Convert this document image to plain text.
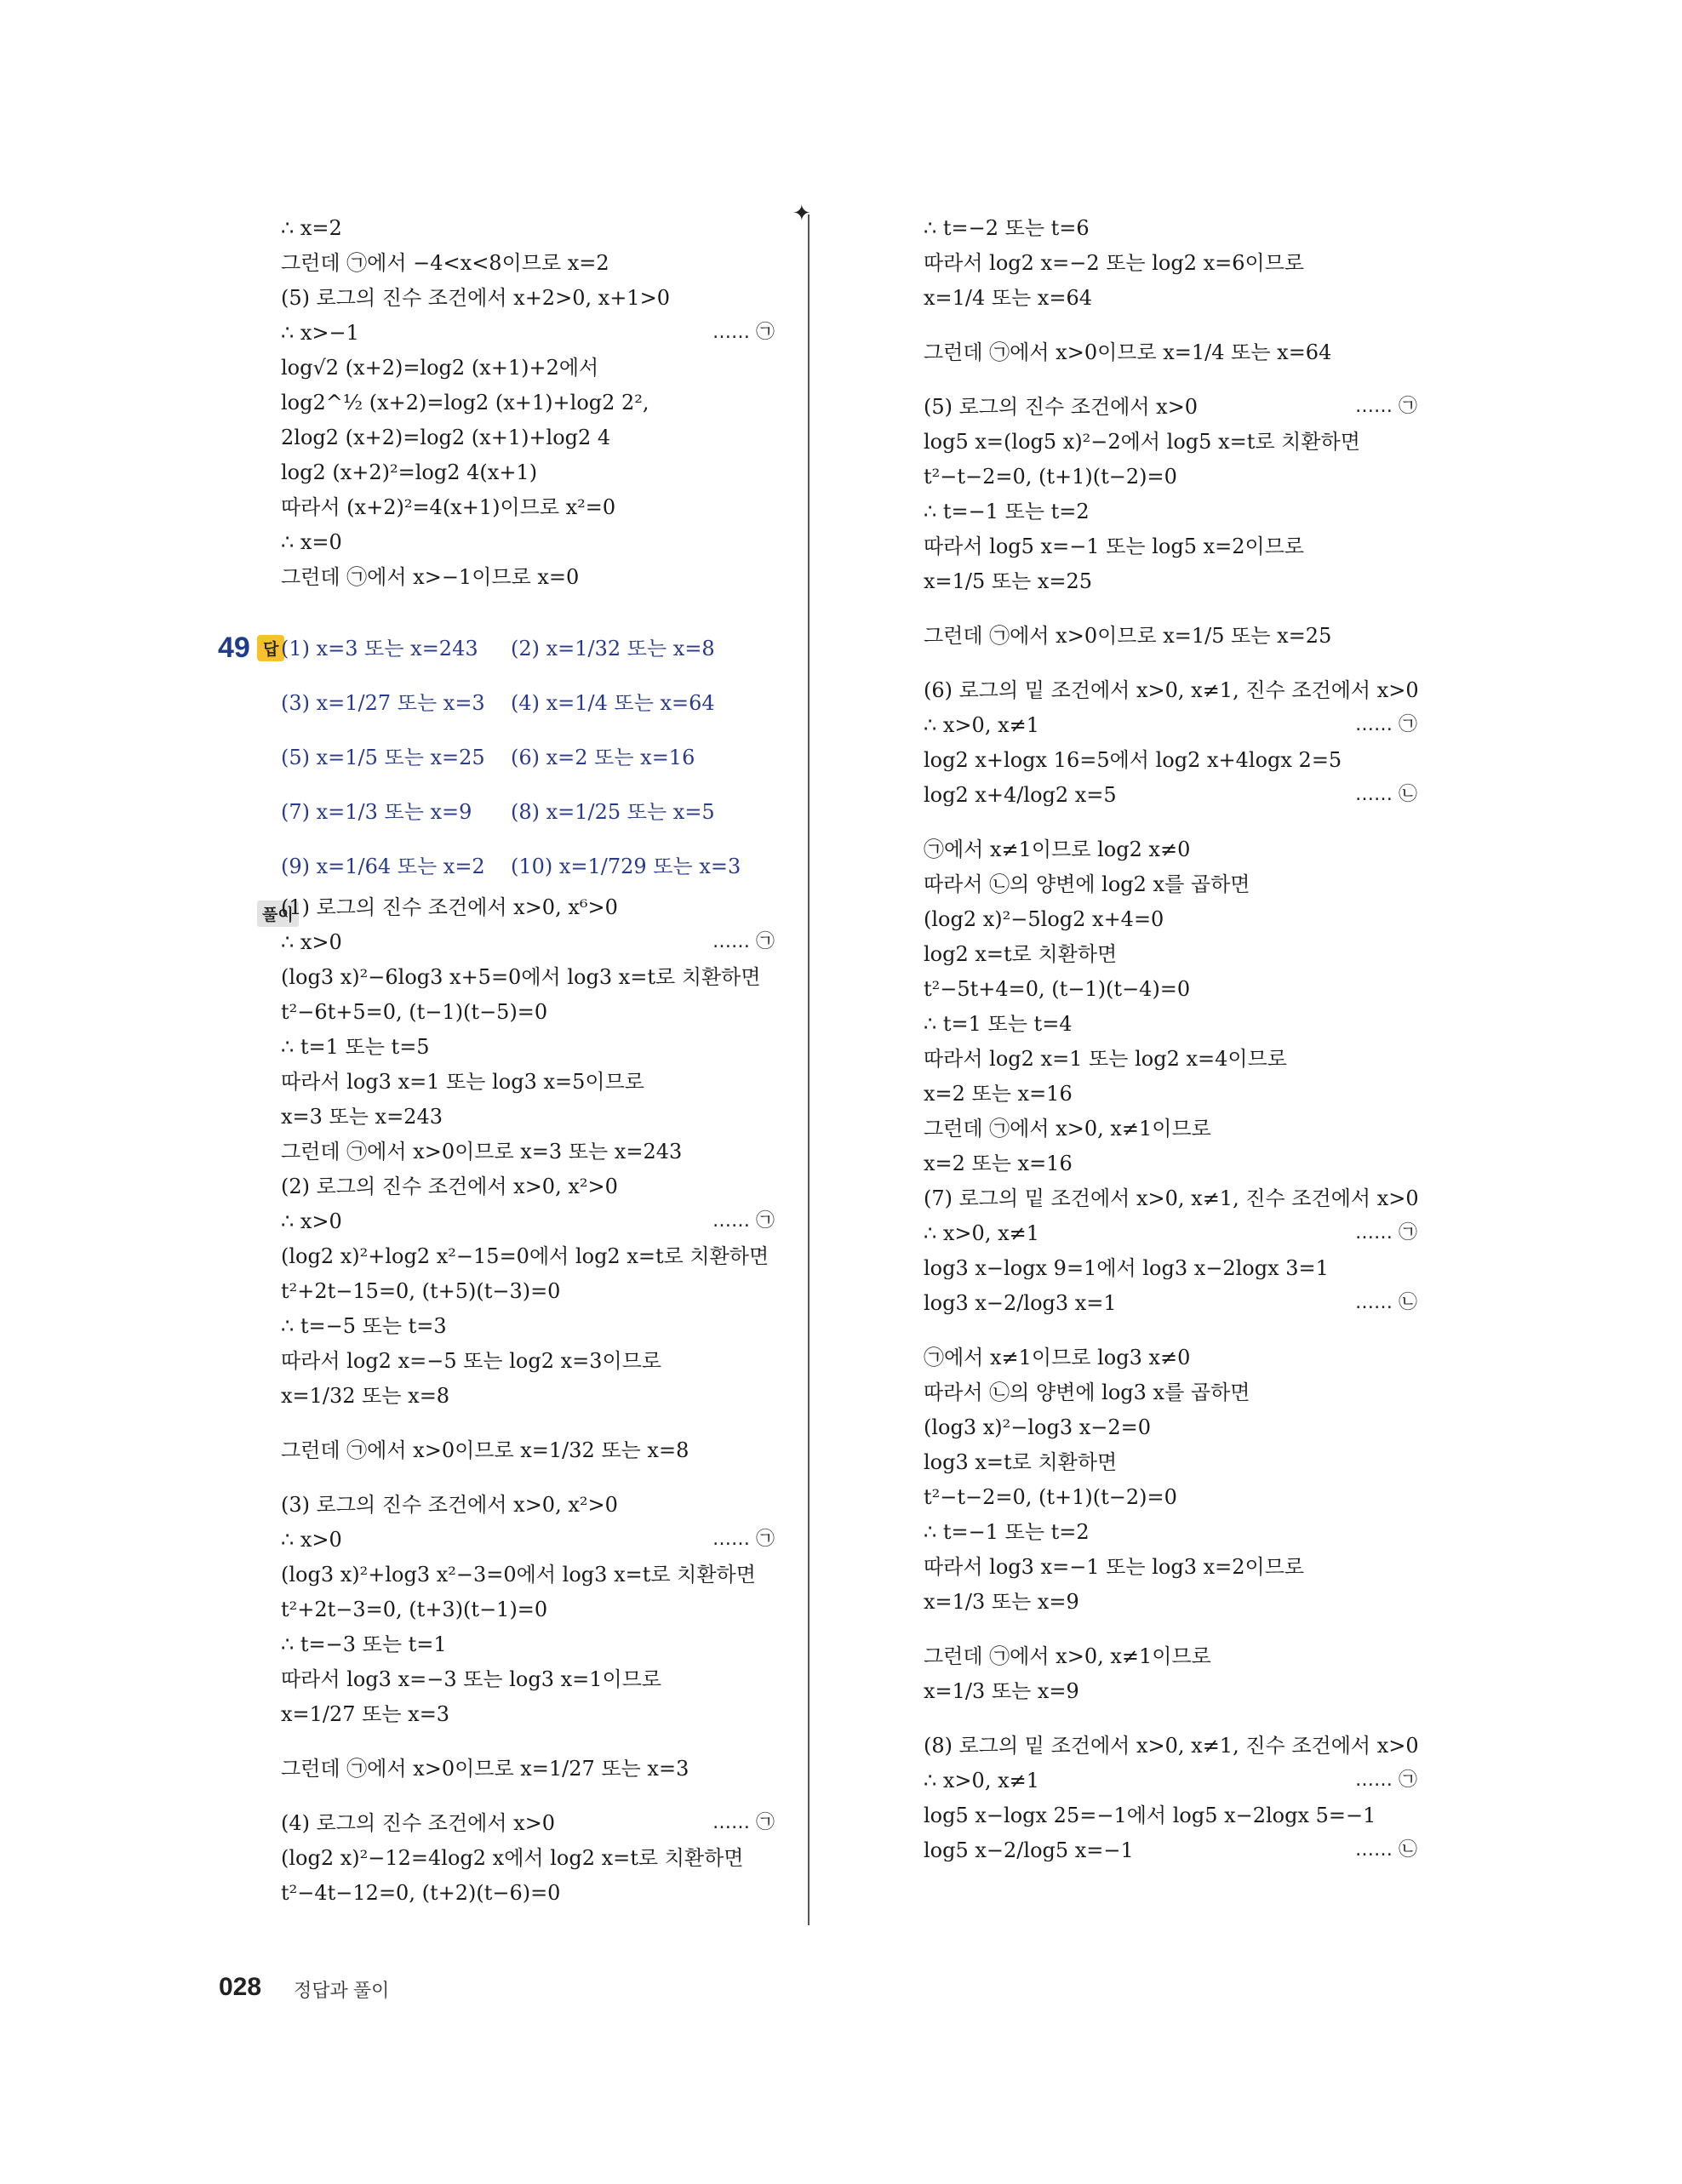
✦
∴ x=2
그런데 ㉠에서 −4<x<8이므로 x=2
(5) 로그의 진수 조건에서 x+2>0, x+1>0
∴ x>−1	…… ㉠
log√2 (x+2)=log2 (x+1)+2에서
log2^½ (x+2)=log2 (x+1)+log2 2²,
2log2 (x+2)=log2 (x+1)+log2 4
log2 (x+2)²=log2 4(x+1)
따라서 (x+2)²=4(x+1)이므로 x²=0
∴ x=0
그런데 ㉠에서 x>−1이므로 x=0
49 답 (1) x=3 또는 x=243 (2) x=1/32 또는 x=8
(3) x=1/27 또는 x=3 (4) x=1/4 또는 x=64
(5) x=1/5 또는 x=25 (6) x=2 또는 x=16
(7) x=1/3 또는 x=9 (8) x=1/25 또는 x=5
(9) x=1/64 또는 x=2 (10) x=1/729 또는 x=3
풀이
(1) 로그의 진수 조건에서 x>0, x⁶>0
∴ x>0	…… ㉠
(log3 x)²−6log3 x+5=0에서 log3 x=t로 치환하면
t²−6t+5=0, (t−1)(t−5)=0
∴ t=1 또는 t=5
따라서 log3 x=1 또는 log3 x=5이므로
x=3 또는 x=243
그런데 ㉠에서 x>0이므로 x=3 또는 x=243
(2) 로그의 진수 조건에서 x>0, x²>0
∴ x>0	…… ㉠
(log2 x)²+log2 x²−15=0에서 log2 x=t로 치환하면
t²+2t−15=0, (t+5)(t−3)=0
∴ t=−5 또는 t=3
따라서 log2 x=−5 또는 log2 x=3이므로
x=1/32 또는 x=8
그런데 ㉠에서 x>0이므로 x=1/32 또는 x=8
(3) 로그의 진수 조건에서 x>0, x²>0
∴ x>0	…… ㉠
(log3 x)²+log3 x²−3=0에서 log3 x=t로 치환하면
t²+2t−3=0, (t+3)(t−1)=0
∴ t=−3 또는 t=1
따라서 log3 x=−3 또는 log3 x=1이므로
x=1/27 또는 x=3
그런데 ㉠에서 x>0이므로 x=1/27 또는 x=3
(4) 로그의 진수 조건에서 x>0	…… ㉠
(log2 x)²−12=4log2 x에서 log2 x=t로 치환하면
t²−4t−12=0, (t+2)(t−6)=0
∴ t=−2 또는 t=6
따라서 log2 x=−2 또는 log2 x=6이므로
x=1/4 또는 x=64
그런데 ㉠에서 x>0이므로 x=1/4 또는 x=64
(5) 로그의 진수 조건에서 x>0	…… ㉠
log5 x=(log5 x)²−2에서 log5 x=t로 치환하면
t²−t−2=0, (t+1)(t−2)=0
∴ t=−1 또는 t=2
따라서 log5 x=−1 또는 log5 x=2이므로
x=1/5 또는 x=25
그런데 ㉠에서 x>0이므로 x=1/5 또는 x=25
(6) 로그의 밑 조건에서 x>0, x≠1, 진수 조건에서 x>0
∴ x>0, x≠1	…… ㉠
log2 x+logx 16=5에서 log2 x+4logx 2=5
log2 x+4/log2 x=5	…… ㉡
㉠에서 x≠1이므로 log2 x≠0
따라서 ㉡의 양변에 log2 x를 곱하면
(log2 x)²−5log2 x+4=0
log2 x=t로 치환하면
t²−5t+4=0, (t−1)(t−4)=0
∴ t=1 또는 t=4
따라서 log2 x=1 또는 log2 x=4이므로
x=2 또는 x=16
그런데 ㉠에서 x>0, x≠1이므로
x=2 또는 x=16
(7) 로그의 밑 조건에서 x>0, x≠1, 진수 조건에서 x>0
∴ x>0, x≠1	…… ㉠
log3 x−logx 9=1에서 log3 x−2logx 3=1
log3 x−2/log3 x=1	…… ㉡
㉠에서 x≠1이므로 log3 x≠0
따라서 ㉡의 양변에 log3 x를 곱하면
(log3 x)²−log3 x−2=0
log3 x=t로 치환하면
t²−t−2=0, (t+1)(t−2)=0
∴ t=−1 또는 t=2
따라서 log3 x=−1 또는 log3 x=2이므로
x=1/3 또는 x=9
그런데 ㉠에서 x>0, x≠1이므로
x=1/3 또는 x=9
(8) 로그의 밑 조건에서 x>0, x≠1, 진수 조건에서 x>0
∴ x>0, x≠1	…… ㉠
log5 x−logx 25=−1에서 log5 x−2logx 5=−1
log5 x−2/log5 x=−1	…… ㉡
028 정답과 풀이
